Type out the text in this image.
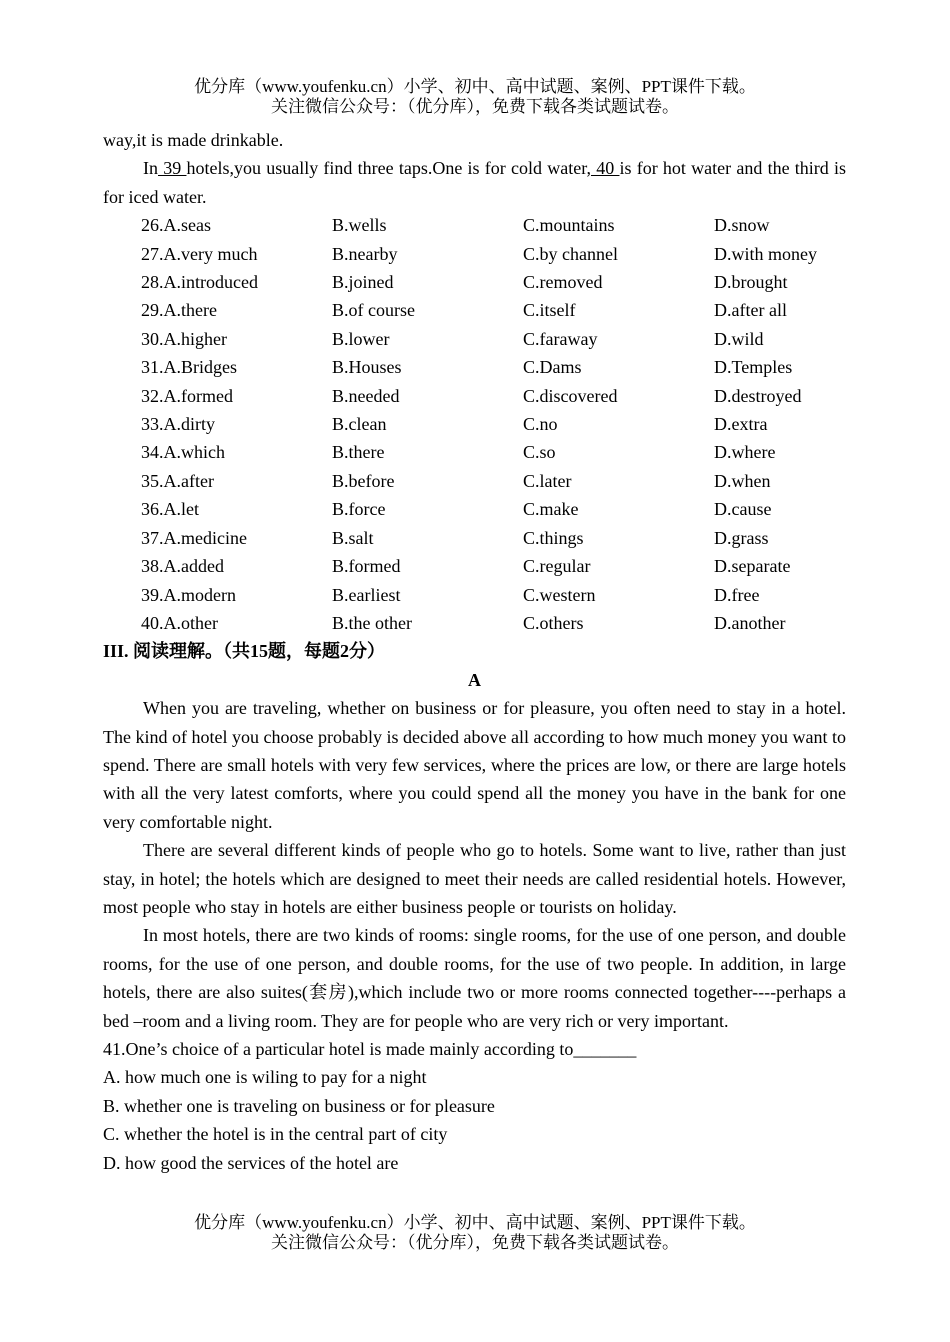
优分库（www.youfenku.cn）小学、初中、高中试题、案例、PPT课件下载。
关注微信公众号：（优分库），免费下载各类试题试卷。

way,it is made drinkable.

In 39 hotels,you usually find three taps.One is for cold water, 40 is for hot water and the third is for iced water.

26.A.seas	B.wells	C.mountains	D.snow
27.A.very much	B.nearby	C.by channel	D.with money
28.A.introduced	B.joined	C.removed	D.brought
29.A.there	B.of course	C.itself	D.after all
30.A.higher	B.lower	C.faraway	D.wild
31.A.Bridges	B.Houses	C.Dams	D.Temples
32.A.formed	B.needed	C.discovered	D.destroyed
33.A.dirty	B.clean	C.no	D.extra
34.A.which	B.there	C.so	D.where
35.A.after	B.before	C.later	D.when
36.A.let	B.force	C.make	D.cause
37.A.medicine	B.salt	C.things	D.grass
38.A.added	B.formed	C.regular	D.separate
39.A.modern	B.earliest	C.western	D.free
40.A.other	B.the other	C.others	D.another

III. 阅读理解。（共15题，每题2分）

A

When you are traveling, whether on business or for pleasure, you often need to stay in a hotel. The kind of hotel you choose probably is decided above all according to how much money you want to spend. There are small hotels with very few services, where the prices are low, or there are large hotels with all the very latest comforts, where you could spend all the money you have in the bank for one very comfortable night.

There are several different kinds of people who go to hotels. Some want to live, rather than just stay, in hotel; the hotels which are designed to meet their needs are called residential hotels. However, most people who stay in hotels are either business people or tourists on holiday.

In most hotels, there are two kinds of rooms: single rooms, for the use of one person, and double rooms, for the use of one person, and double rooms, for the use of two people. In addition, in large hotels, there are also suites(套房),which include two or more rooms connected together----perhaps a bed –room and a living room. They are for people who are very rich or very important.

41.One’s choice of a particular hotel is made mainly according to_______

A. how much one is wiling to pay for a night

B. whether one is traveling on business or for pleasure

C. whether the hotel is in the central part of city

D. how good the services of the hotel are

优分库（www.youfenku.cn）小学、初中、高中试题、案例、PPT课件下载。
关注微信公众号：（优分库），免费下载各类试题试卷。
